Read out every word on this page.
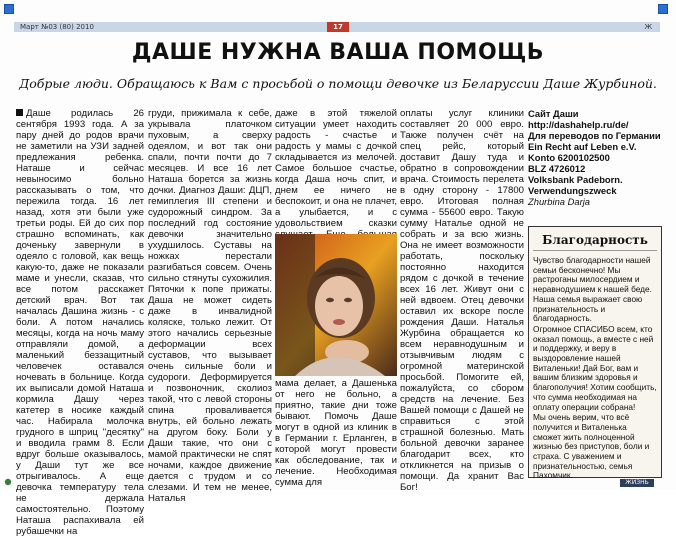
Март №03 (80) 2010	17	Ж
ДАШЕ НУЖНА ВАША ПОМОЩЬ
Добрые люди. Обращаюсь к Вам с просьбой о помощи девочке из Беларуссии Даше Журбиной.

Даше родилась 26 сентября 1993 года. А за пару дней до родов врачи не заметили на УЗИ задней предлежания ребенка. Наташе и сейчас невыносимо больно рассказывать о том, что пережила тогда. 16 лет назад, хотя эти были уже третьи роды. Ей до сих пор страшно вспоминать, как доченьку завернули в одеяло с головой, как вещь какую-то, даже не показали маме и унесли, сказав, что все потом расскажет детский врач. Вот так началась Дашина жизнь - с боли. А потом начались месяцы, когда на ночь маму отправляли домой, а маленький беззащитный человечек оставался ночевать в больнице. Когда их выписали домой Наташа кормила Дашу через катетер в носике каждый час. Набирала молочка грудного в шприц "десятку" и вводила грамм 8. Если вдруг больше оказывалось, у Даши тут же все отрыгивалось. А еще девочка температуру тела не держала самостоятельно. Поэтому Наташа распахивала ей рубашечки на

груди, прижимала к себе, укрывала платочком пуховым, а сверху одеялом, и вот так они спали, почти почти до 7 месяцев. И все 16 лет Наташа борется за жизнь дочки. Диагноз Даши: ДЦП, гемиплегия III степени и судорожный синдром. За последний год состояние девочки значительно ухудшилось. Суставы на ножках перестали разгибаться совсем. Очень сильно стянуты сухожилия. Пяточки к попе прижаты. Даша не может сидеть даже в инвалидной коляске, только лежит. От этого начались серьезные деформации всех суставов, что вызывает очень сильные боли и судороги. Деформируется и позвоночник, сколиоз такой, что с левой стороны спина проваливается внутрь, ей больно лежать на другом боку. Боли у Даши такие, что они с мамой практически не спят ночами, каждое движение дается с трудом и со слезами. И тем не менее, Наталья

даже в этой тяжелой ситуации умеет находить радость - счастье и радость у мамы с дочкой складывается из мелочей. Самое большое счастье, когда Даша ночь спит, и днем ее ничего не беспокоит, и она не плачет, а улыбается, и с удовольствием сказки

мама делает, а Дашенька от него не больно, а приятно, такие дни тоже бывают. Помочь Даше могут в одной из клиник в в Германии г. Ерланген, в которой могут провести как обследование, так и лечение. Необходимая сумма для

оплаты услуг клиники составляет 20 000 евро. Также получен счёт на спец рейс, который доставит Дашу туда и обратно в сопровождении врача. Стоимость перелета в одну сторону - 17800 евро. Итоговая полная сумма - 55600 евро. Такую сумму Наталье одной не собрать и за всю жизнь. Она не имеет возможности работать, поскольку постоянно находится рядом с дочкой в течение всех 16 лет. Живут они с ней вдвоем. Отец девочки оставил их вскоре после рождения Даши. Наталья Журбина обращается ко всем неравнодушным и отзывчивым людям с огромной материнской просьбой. Помогите ей, пожалуйста, со сбором средств на лечение. Без Вашей помощи с Дашей не справиться с этой страшной болезнью. Мать больной девочки заранее благодарит всех, кто откликнется на призыв о помощи. Да хранит Вас Бог!

Сайт Даши
http://dashahelp.ru/de/
Для переводов по Германии
Ein Recht auf Leben e.V.
Konto 6200102500
BLZ 4726012
Volksbank Padeborn.
Verwendungszweck
Zhurbina Darja
Благодарность

Чувство благодарности нашей семьи бесконечно! Мы растроганы милосердием и неравнодушием к нашей беде. Наша семья выражает свою признательность и благодарность.

Огромное СПАСИБО всем, кто оказал помощь, а вместе с ней и поддержку, и веру в выздоровление нашей Виталеньки! Дай Бог, вам и вашим близким здоровья и благополучия! Хотим сообщить, что сумма необходимая на оплату операции собрана!

Мы очень верим, что всё получится и Виталенька сможет жить полноценной жизнью без приступов, боли и страха. С уважением и признательностью, семья Пахомчик.

ЖИЗНЬ
